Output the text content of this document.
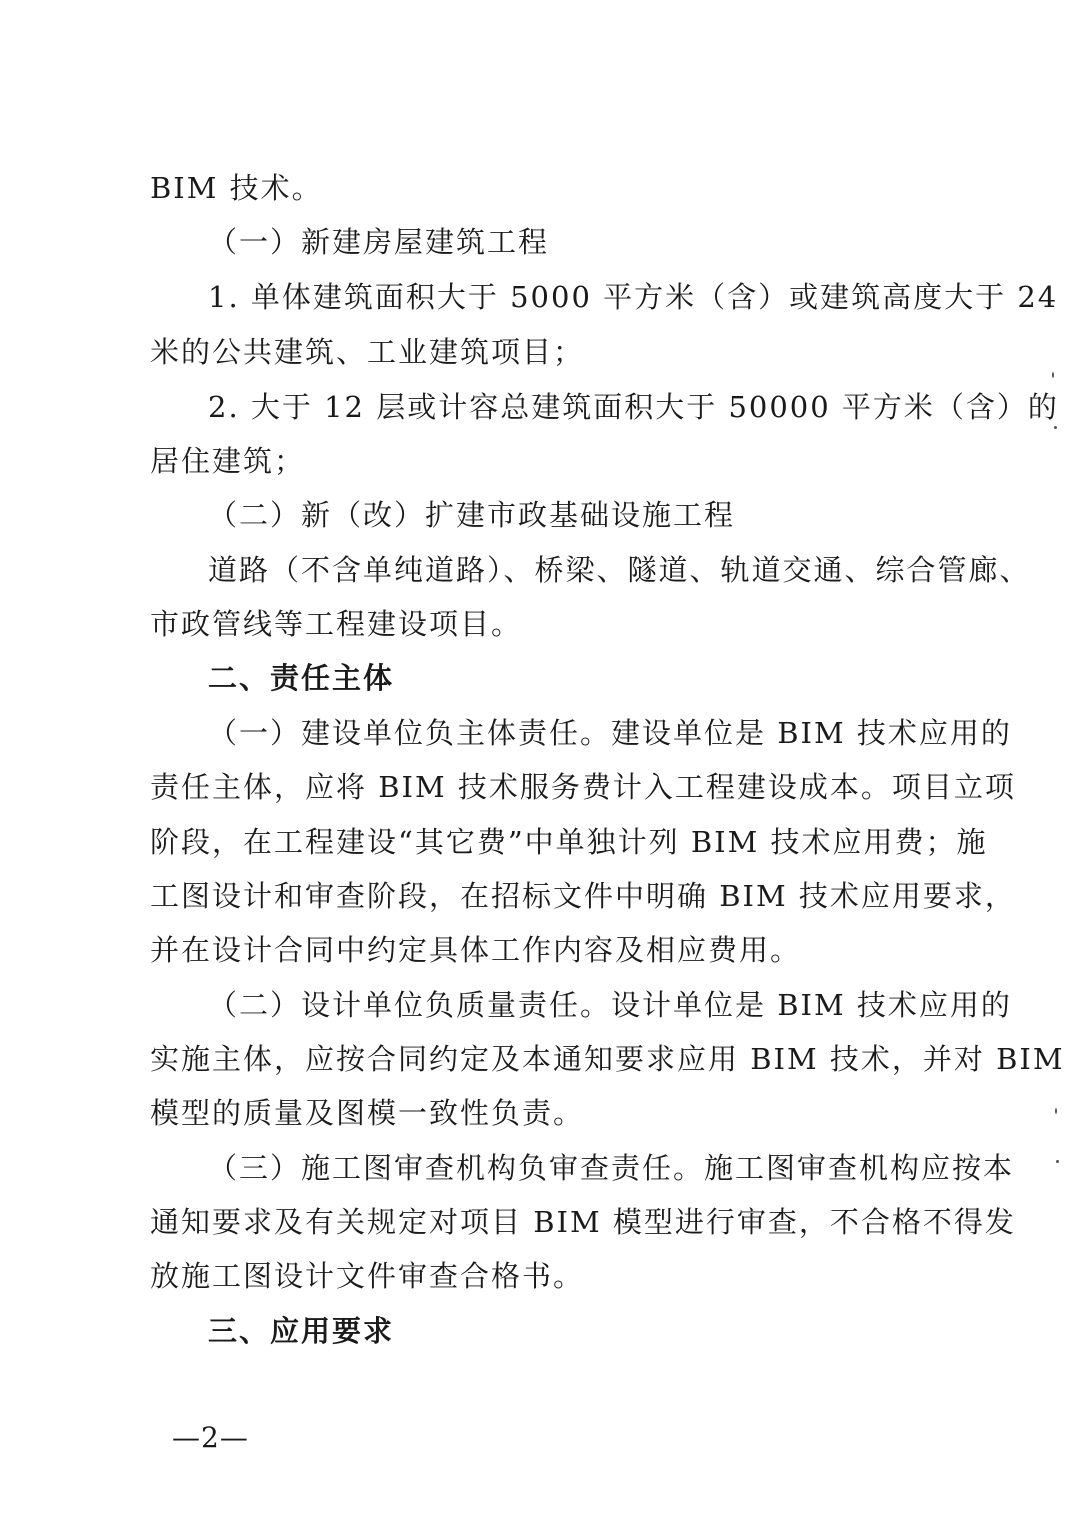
BIM 技术。
（一）新建房屋建筑工程
1. 单体建筑面积大于 5000 平方米（含）或建筑高度大于 24
米的公共建筑、工业建筑项目；
2. 大于 12 层或计容总建筑面积大于 50000 平方米（含）的
居住建筑；
（二）新（改）扩建市政基础设施工程
道路（不含单纯道路）、桥梁、隧道、轨道交通、综合管廊、
市政管线等工程建设项目。
二、责任主体
（一）建设单位负主体责任。建设单位是 BIM 技术应用的
责任主体，应将 BIM 技术服务费计入工程建设成本。项目立项
阶段，在工程建设“其它费”中单独计列 BIM 技术应用费；施
工图设计和审查阶段，在招标文件中明确 BIM 技术应用要求，
并在设计合同中约定具体工作内容及相应费用。
（二）设计单位负质量责任。设计单位是 BIM 技术应用的
实施主体，应按合同约定及本通知要求应用 BIM 技术，并对 BIM
模型的质量及图模一致性负责。
（三）施工图审查机构负审查责任。施工图审查机构应按本
通知要求及有关规定对项目 BIM 模型进行审查，不合格不得发
放施工图设计文件审查合格书。
三、应用要求
—2—
